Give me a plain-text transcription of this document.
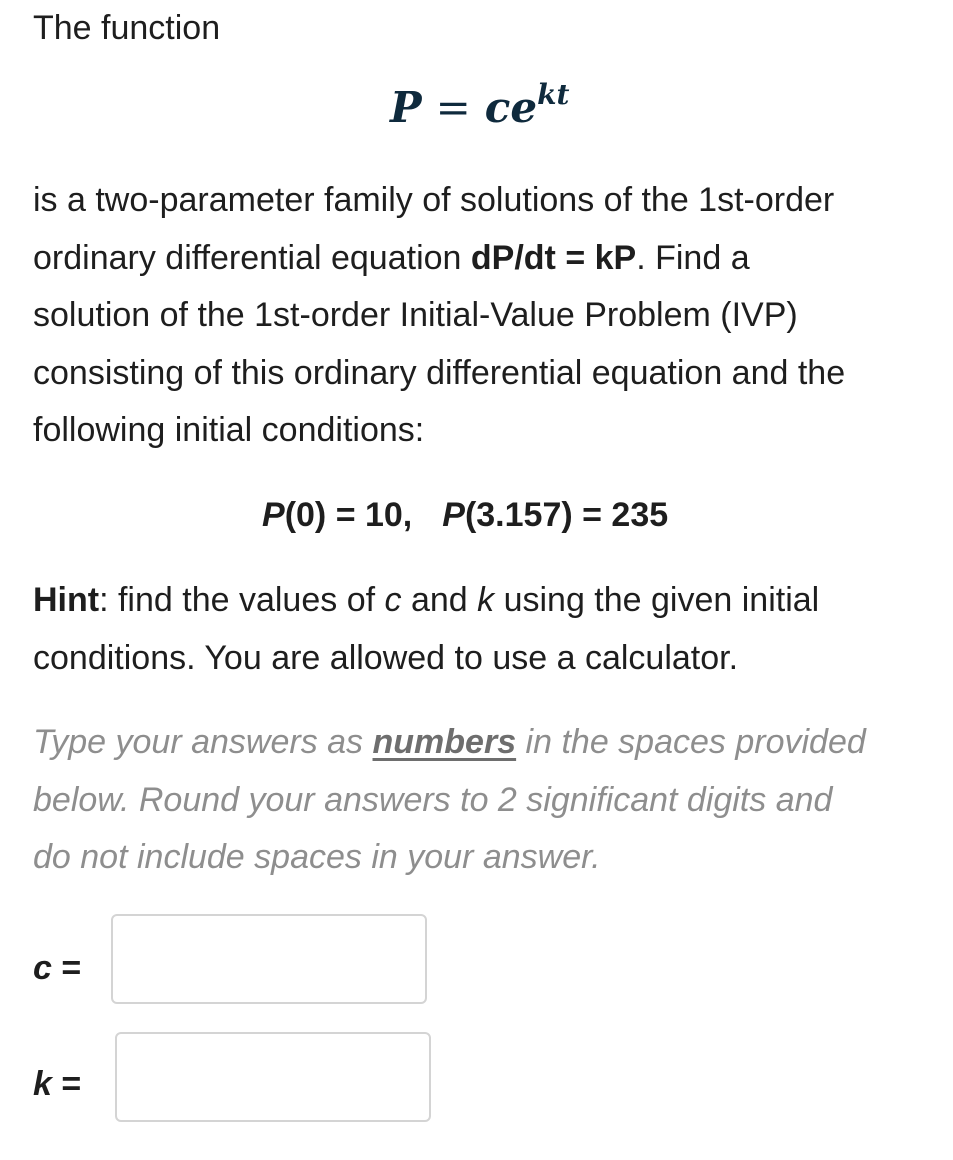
The function

$P = ce^{kt}$
is a two-parameter family of solutions of the 1st-order
ordinary differential equation dP/dt = kP. Find a
solution of the 1st-order Initial-Value Problem (IVP)
consisting of this ordinary differential equation and the
following initial conditions:
P(0) = 10, P(3.157) = 235
Hint: find the values of c and k using the given initial
conditions. You are allowed to use a calculator.
Type your answers as numbers in the spaces provided
below. Round your answers to 2 significant digits and
do not include spaces in your answer.
c =
k =
